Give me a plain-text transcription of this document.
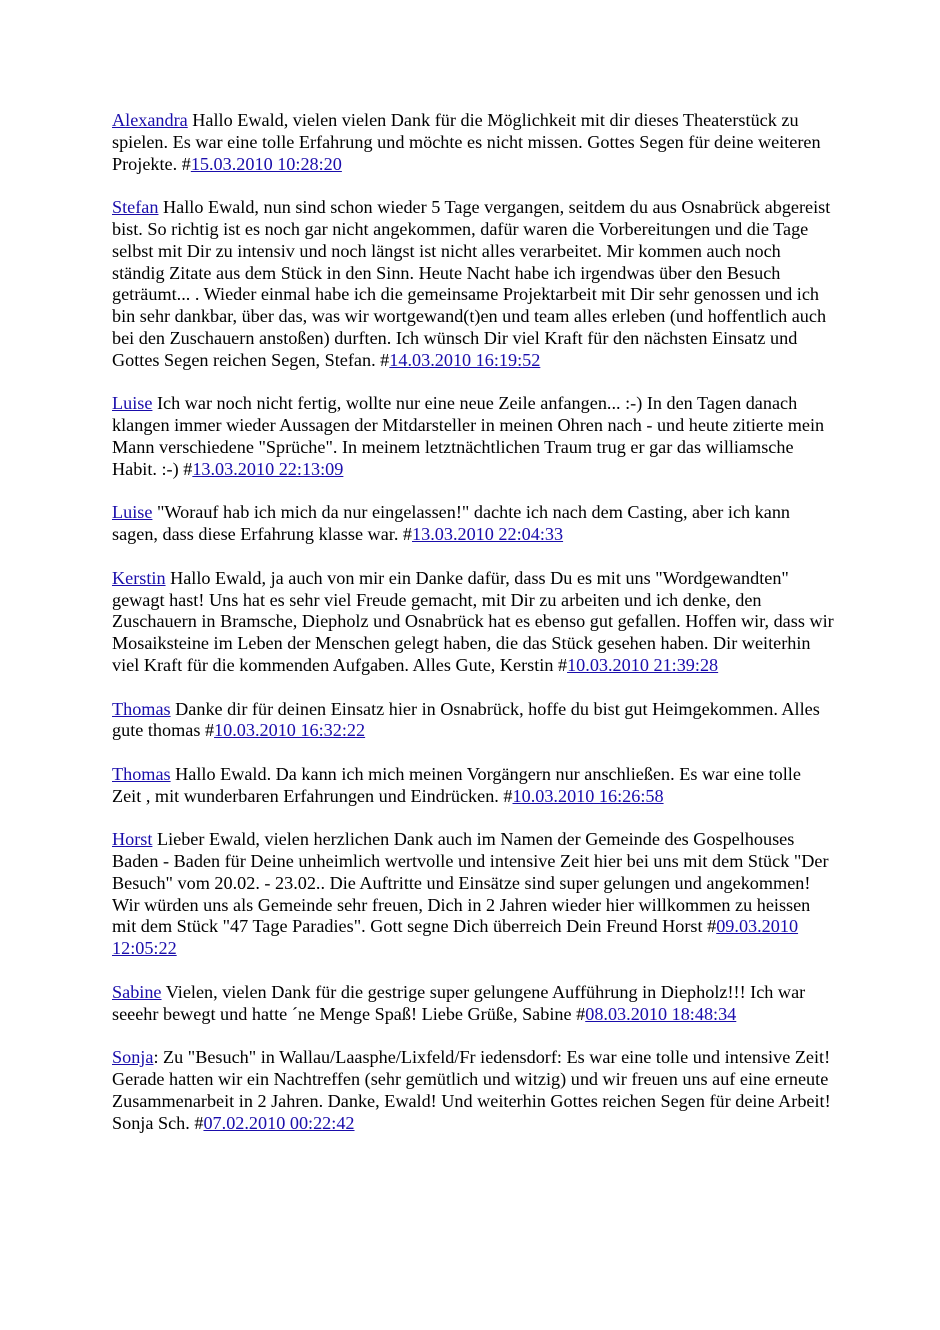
Alexandra Hallo Ewald, vielen vielen Dank für die Möglichkeit mit dir dieses Theaterstück zu spielen. Es war eine tolle Erfahrung und möchte es nicht missen. Gottes Segen für deine weiteren Projekte. #15.03.2010 10:28:20

Stefan Hallo Ewald, nun sind schon wieder 5 Tage vergangen, seitdem du aus Osnabrück abgereist bist. So richtig ist es noch gar nicht angekommen, dafür waren die Vorbereitungen und die Tage selbst mit Dir zu intensiv und noch längst ist nicht alles verarbeitet. Mir kommen auch noch ständig Zitate aus dem Stück in den Sinn. Heute Nacht habe ich irgendwas über den Besuch geträumt... . Wieder einmal habe ich die gemeinsame Projektarbeit mit Dir sehr genossen und ich bin sehr dankbar, über das, was wir wortgewand(t)en und team alles erleben (und hoffentlich auch bei den Zuschauern anstoßen) durften. Ich wünsch Dir viel Kraft für den nächsten Einsatz und Gottes Segen reichen Segen, Stefan. #14.03.2010 16:19:52

Luise Ich war noch nicht fertig, wollte nur eine neue Zeile anfangen... :-) In den Tagen danach klangen immer wieder Aussagen der Mitdarsteller in meinen Ohren nach - und heute zitierte mein Mann verschiedene "Sprüche". In meinem letztnächtlichen Traum trug er gar das williamsche Habit. :-) #13.03.2010 22:13:09

Luise "Worauf hab ich mich da nur eingelassen!" dachte ich nach dem Casting, aber ich kann sagen, dass diese Erfahrung klasse war. #13.03.2010 22:04:33

Kerstin Hallo Ewald, ja auch von mir ein Danke dafür, dass Du es mit uns "Wordgewandten" gewagt hast! Uns hat es sehr viel Freude gemacht, mit Dir zu arbeiten und ich denke, den Zuschauern in Bramsche, Diepholz und Osnabrück hat es ebenso gut gefallen. Hoffen wir, dass wir Mosaiksteine im Leben der Menschen gelegt haben, die das Stück gesehen haben. Dir weiterhin viel Kraft für die kommenden Aufgaben. Alles Gute, Kerstin #10.03.2010 21:39:28

Thomas Danke dir für deinen Einsatz hier in Osnabrück, hoffe du bist gut Heimgekommen. Alles gute thomas #10.03.2010 16:32:22

Thomas Hallo Ewald. Da kann ich mich meinen Vorgängern nur anschließen. Es war eine tolle Zeit , mit wunderbaren Erfahrungen und Eindrücken. #10.03.2010 16:26:58

Horst Lieber Ewald, vielen herzlichen Dank auch im Namen der Gemeinde des Gospelhouses Baden - Baden für Deine unheimlich wertvolle und intensive Zeit hier bei uns mit dem Stück "Der Besuch" vom 20.02. - 23.02.. Die Auftritte und Einsätze sind super gelungen und angekommen! Wir würden uns als Gemeinde sehr freuen, Dich in 2 Jahren wieder hier willkommen zu heissen mit dem Stück "47 Tage Paradies". Gott segne Dich überreich Dein Freund Horst #09.03.2010 12:05:22

Sabine Vielen, vielen Dank für die gestrige super gelungene Aufführung in Diepholz!!! Ich war seeehr bewegt und hatte ´ne Menge Spaß! Liebe Grüße, Sabine #08.03.2010 18:48:34

Sonja: Zu "Besuch" in Wallau/Laasphe/Lixfeld/Fr iedensdorf: Es war eine tolle und intensive Zeit! Gerade hatten wir ein Nachtreffen (sehr gemütlich und witzig) und wir freuen uns auf eine erneute Zusammenarbeit in 2 Jahren. Danke, Ewald! Und weiterhin Gottes reichen Segen für deine Arbeit! Sonja Sch. #07.02.2010 00:22:42
